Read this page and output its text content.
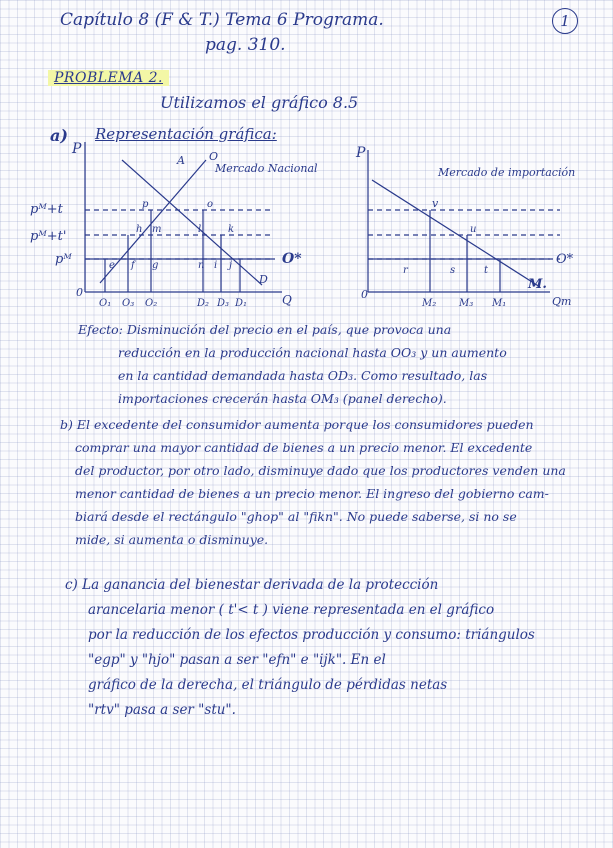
Capítulo 8 (F & T.) Tema 6 Programa.
pag. 310.
1
PROBLEMA 2.
Utilizamos el gráfico 8.5
a) Representación gráfica:
P
Q
0
Mercado Nacional
A O
D
pᴹ+t
pᴹ+t'
pᴹ	O*
O₁ O₃ O₂	D₂ D₃ D₁
p	o
h m	l	k
e f g	n i j
P
Qm
0
Mercado de importación
M.
O*
v
u
r	s	t
M₂ M₃ M₁
Efecto: Disminución del precio en el país, que provoca una
reducción en la producción nacional hasta OO₃ y un aumento
en la cantidad demandada hasta OD₃. Como resultado, las
importaciones crecerán hasta OM₃ (panel derecho).
b) El excedente del consumidor aumenta porque los consumidores pueden
comprar una mayor cantidad de bienes a un precio menor. El excedente
del productor, por otro lado, disminuye dado que los productores venden una
menor cantidad de bienes a un precio menor. El ingreso del gobierno cam-
biará desde el rectángulo "ghop" al "fikn". No puede saberse, si no se
mide, si aumenta o disminuye.
c) La ganancia del bienestar derivada de la protección
arancelaria menor ( t'< t ) viene representada en el gráfico
por la reducción de los efectos producción y consumo: triángulos
"egp" y "hjo" pasan a ser "efn" e "ijk". En el
gráfico de la derecha, el triángulo de pérdidas netas
"rtv" pasa a ser "stu".
